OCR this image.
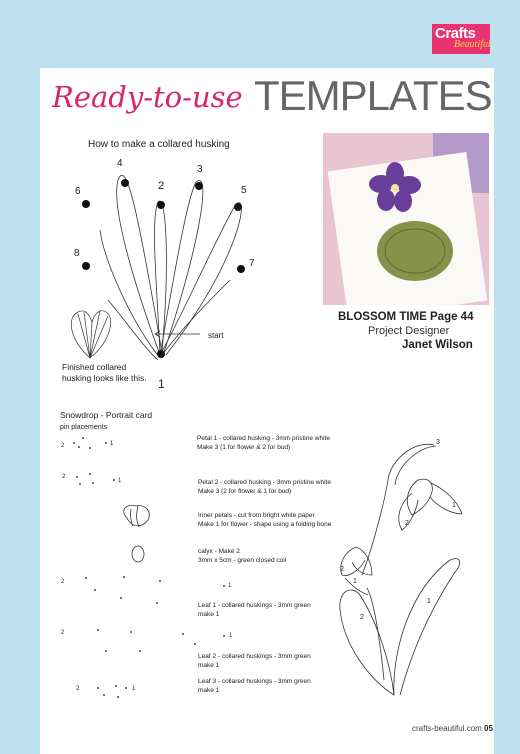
Crafts
Beautiful
Ready-to-use TEMPLATES
How to make a collared husking
4
3
2	5
6
8
7
1
start
Finished collared
husking looks like this.
BLOSSOM TIME Page 44
Project Designer
Janet Wilson
Snowdrop - Portrait card
pin placements
Petal 1 - collared husking - 3mm pristine white
Make 3 (1 for flower & 2 for bud)
Petal 2 - collared husking - 3mm pristine white
Make 3 (2 for flower & 1 for bud)
Inner petals - cut from bright white paper
Make 1 for flower - shape using a folding bone
calyx - Make 2
3mm x 5cm - green closed coil
Leaf 1 - collared huskings - 3mm green
make 1
Leaf 2 - collared huskings - 3mm green
make 1
Leaf 3 - collared huskings - 3mm green
make 1
2	1
2
1
2
1
2	1
2	1
3
1
2
2
1
2
1
crafts-beautiful.com 05
